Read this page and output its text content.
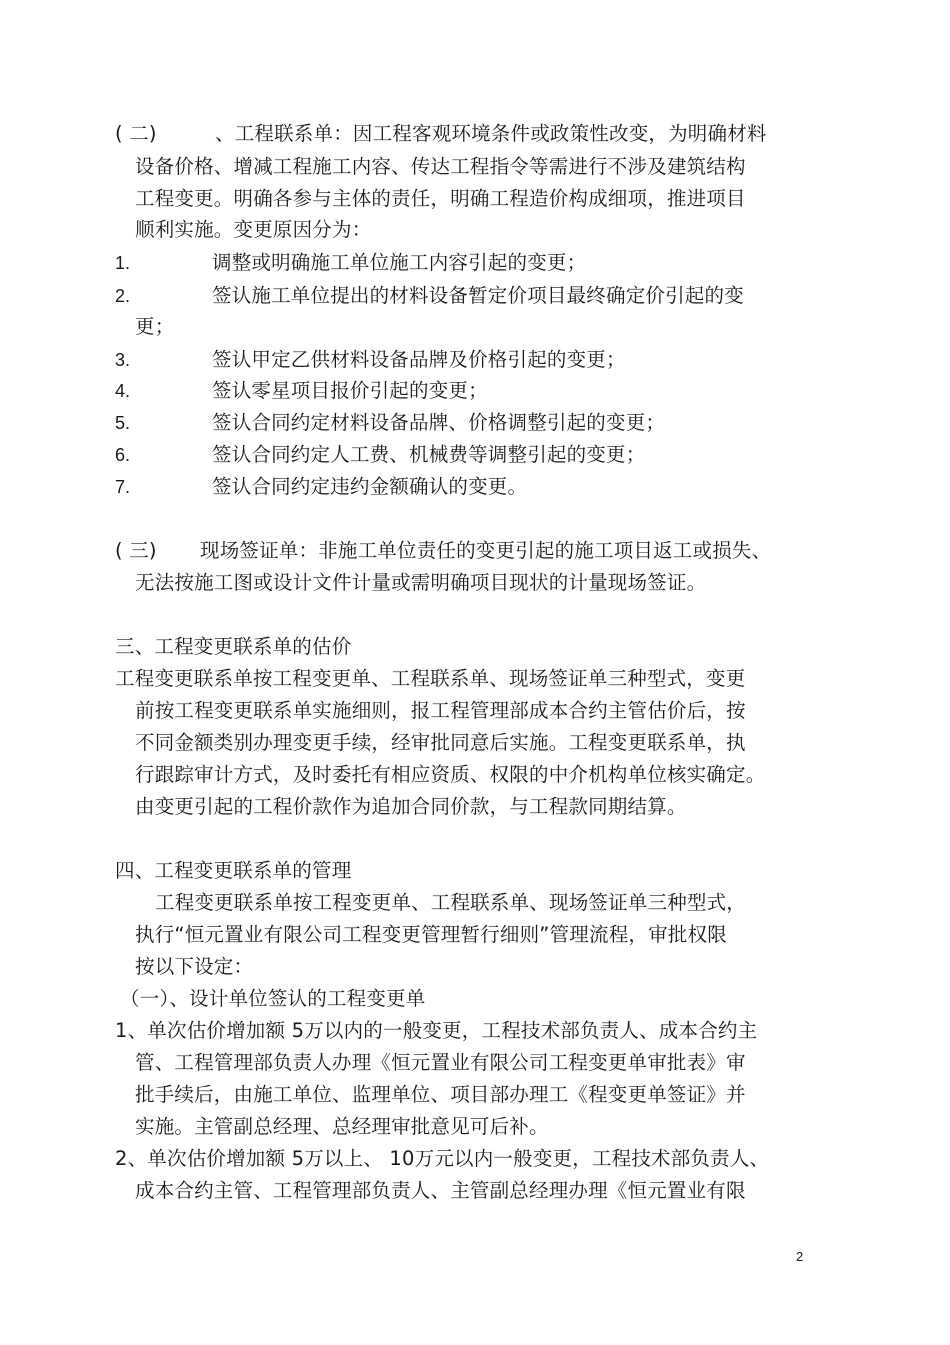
( 二)	、工程联系单：因工程客观环境条件或政策性改变，为明确材料
设备价格、增减工程施工内容、传达工程指令等需进行不涉及建筑结构
工程变更。明确各参与主体的责任，明确工程造价构成细项，推进项目
顺利实施。变更原因分为：
1.	调整或明确施工单位施工内容引起的变更；
2.	签认施工单位提出的材料设备暂定价项目最终确定价引起的变
更；
3.	签认甲定乙供材料设备品牌及价格引起的变更；
4.	签认零星项目报价引起的变更；
5.	签认合同约定材料设备品牌、价格调整引起的变更；
6.	签认合同约定人工费、机械费等调整引起的变更；
7.	签认合同约定违约金额确认的变更。
( 三) 现场签证单：非施工单位责任的变更引起的施工项目返工或损失、
无法按施工图或设计文件计量或需明确项目现状的计量现场签证。
三、工程变更联系单的估价
工程变更联系单按工程变更单、工程联系单、现场签证单三种型式，变更
前按工程变更联系单实施细则，报工程管理部成本合约主管估价后，按
不同金额类别办理变更手续，经审批同意后实施。工程变更联系单，执
行跟踪审计方式，及时委托有相应资质、权限的中介机构单位核实确定。
由变更引起的工程价款作为追加合同价款，与工程款同期结算。
四、工程变更联系单的管理
工程变更联系单按工程变更单、工程联系单、现场签证单三种型式，
执行“恒元置业有限公司工程变更管理暂行细则”管理流程，审批权限
按以下设定：
（一）、设计单位签认的工程变更单
1、单次估价增加额 5万以内的一般变更，工程技术部负责人、成本合约主
管、工程管理部负责人办理《恒元置业有限公司工程变更单审批表》审
批手续后，由施工单位、监理单位、项目部办理工《程变更单签证》并
实施。主管副总经理、总经理审批意见可后补。
2、单次估价增加额 5万以上、 10万元以内一般变更，工程技术部负责人、
成本合约主管、工程管理部负责人、主管副总经理办理《恒元置业有限
2
